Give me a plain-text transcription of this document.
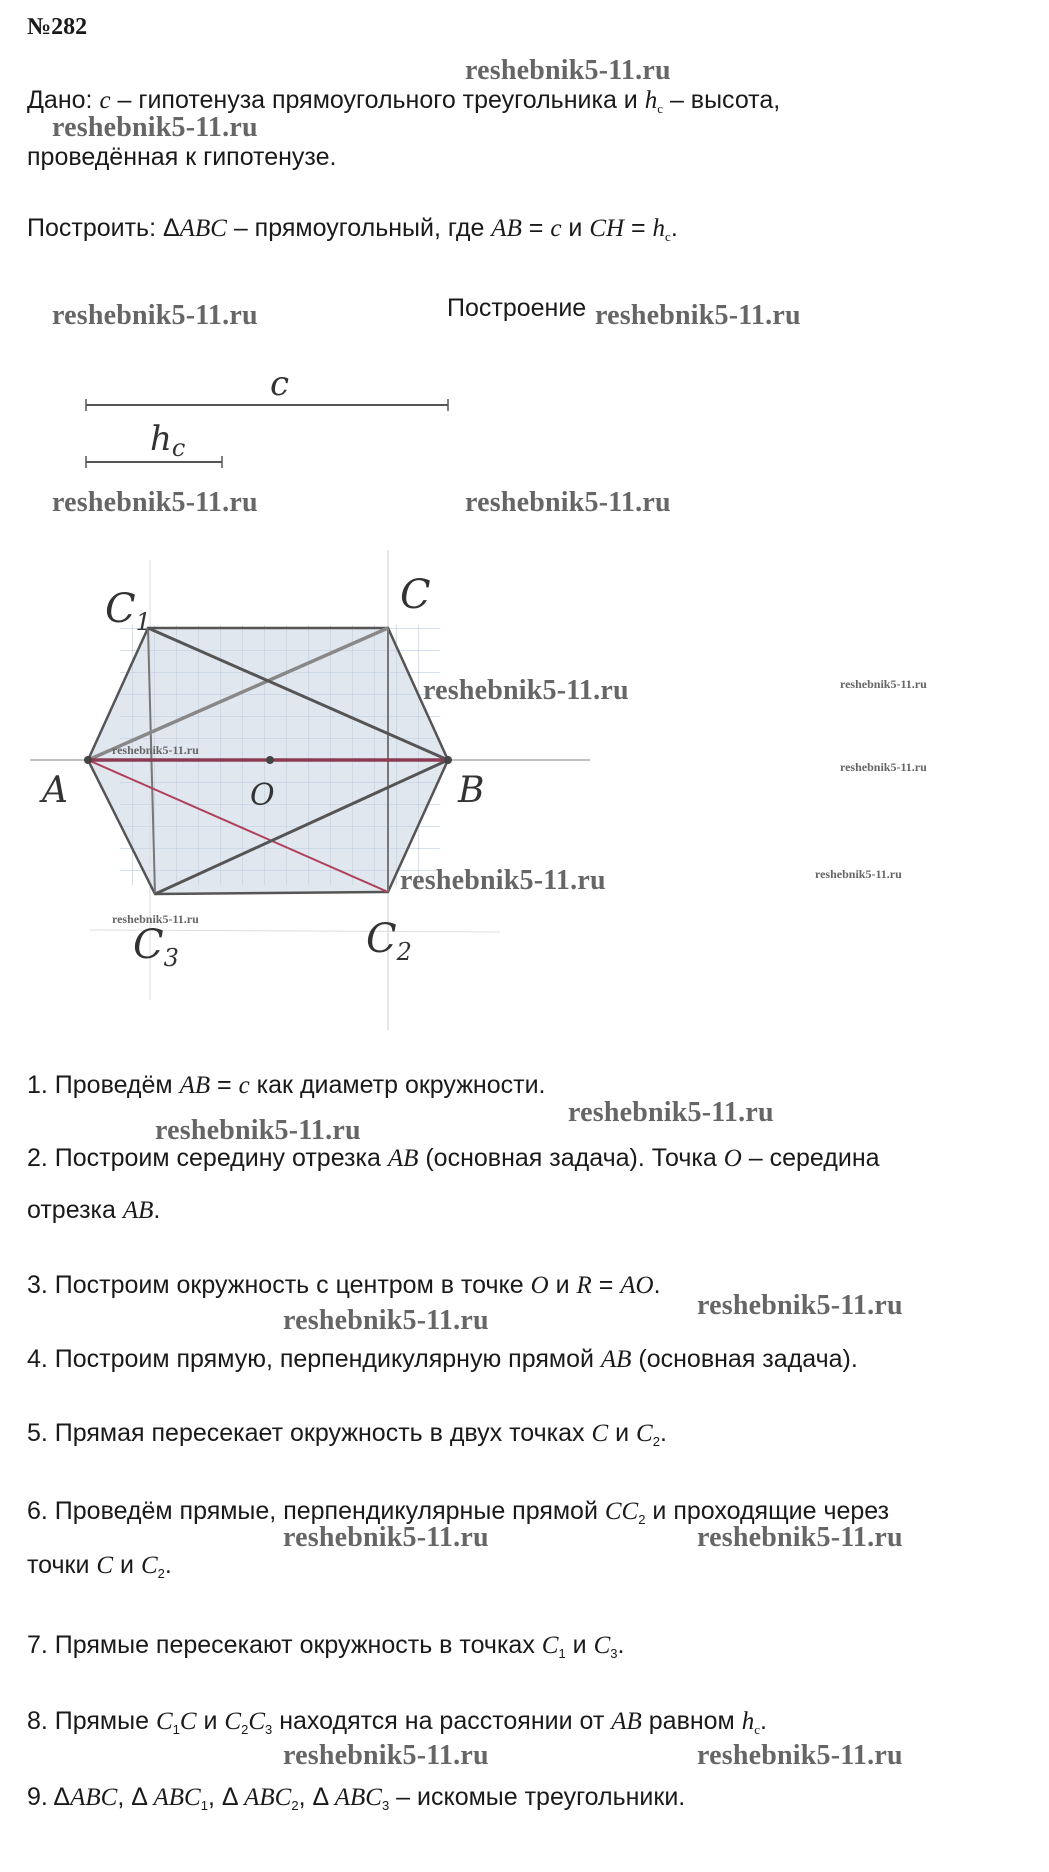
№282
Дано: c – гипотенуза прямоугольного треугольника и $h_c$ – высота,
проведённая к гипотенузе.
Построить: ΔABC – прямоугольный, где AB = c и CH = $h_c$.
Построение
c
hc
A	B
O
C
$C_1$
$C_2$
$C_3$
1. Проведём AB = c как диаметр окружности.
2. Построим середину отрезка AB (основная задача). Точка O – середина
отрезка AB.
3. Построим окружность с центром в точке O и R = AO.
4. Построим прямую, перпендикулярную прямой AB (основная задача).
5. Прямая пересекает окружность в двух точках C и $C_2$.
6. Проведём прямые, перпендикулярные прямой $CC_2$ и проходящие через
точки C и $C_2$.
7. Прямые пересекают окружность в точках $C_1$ и $C_3$.
8. Прямые $C_1C$ и $C_2C_3$ находятся на расстоянии от AB равном $h_c$.
9. ΔABC, Δ $ABC_1$, Δ $ABC_2$, Δ $ABC_3$ – искомые треугольники.
reshebnik5-11.ru
reshebnik5-11.ru
reshebnik5-11.ru	reshebnik5-11.ru
reshebnik5-11.ru	reshebnik5-11.ru
reshebnik5-11.ru
reshebnik5-11.ru
reshebnik5-11.ru
reshebnik5-11.ru
reshebnik5-11.ru
reshebnik5-11.ru
reshebnik5-11.ru	reshebnik5-11.ru
reshebnik5-11.ru	reshebnik5-11.ru
reshebnik5-11.ru
reshebnik5-11.ru
reshebnik5-11.ru
reshebnik5-11.ru
reshebnik5-11.ru
